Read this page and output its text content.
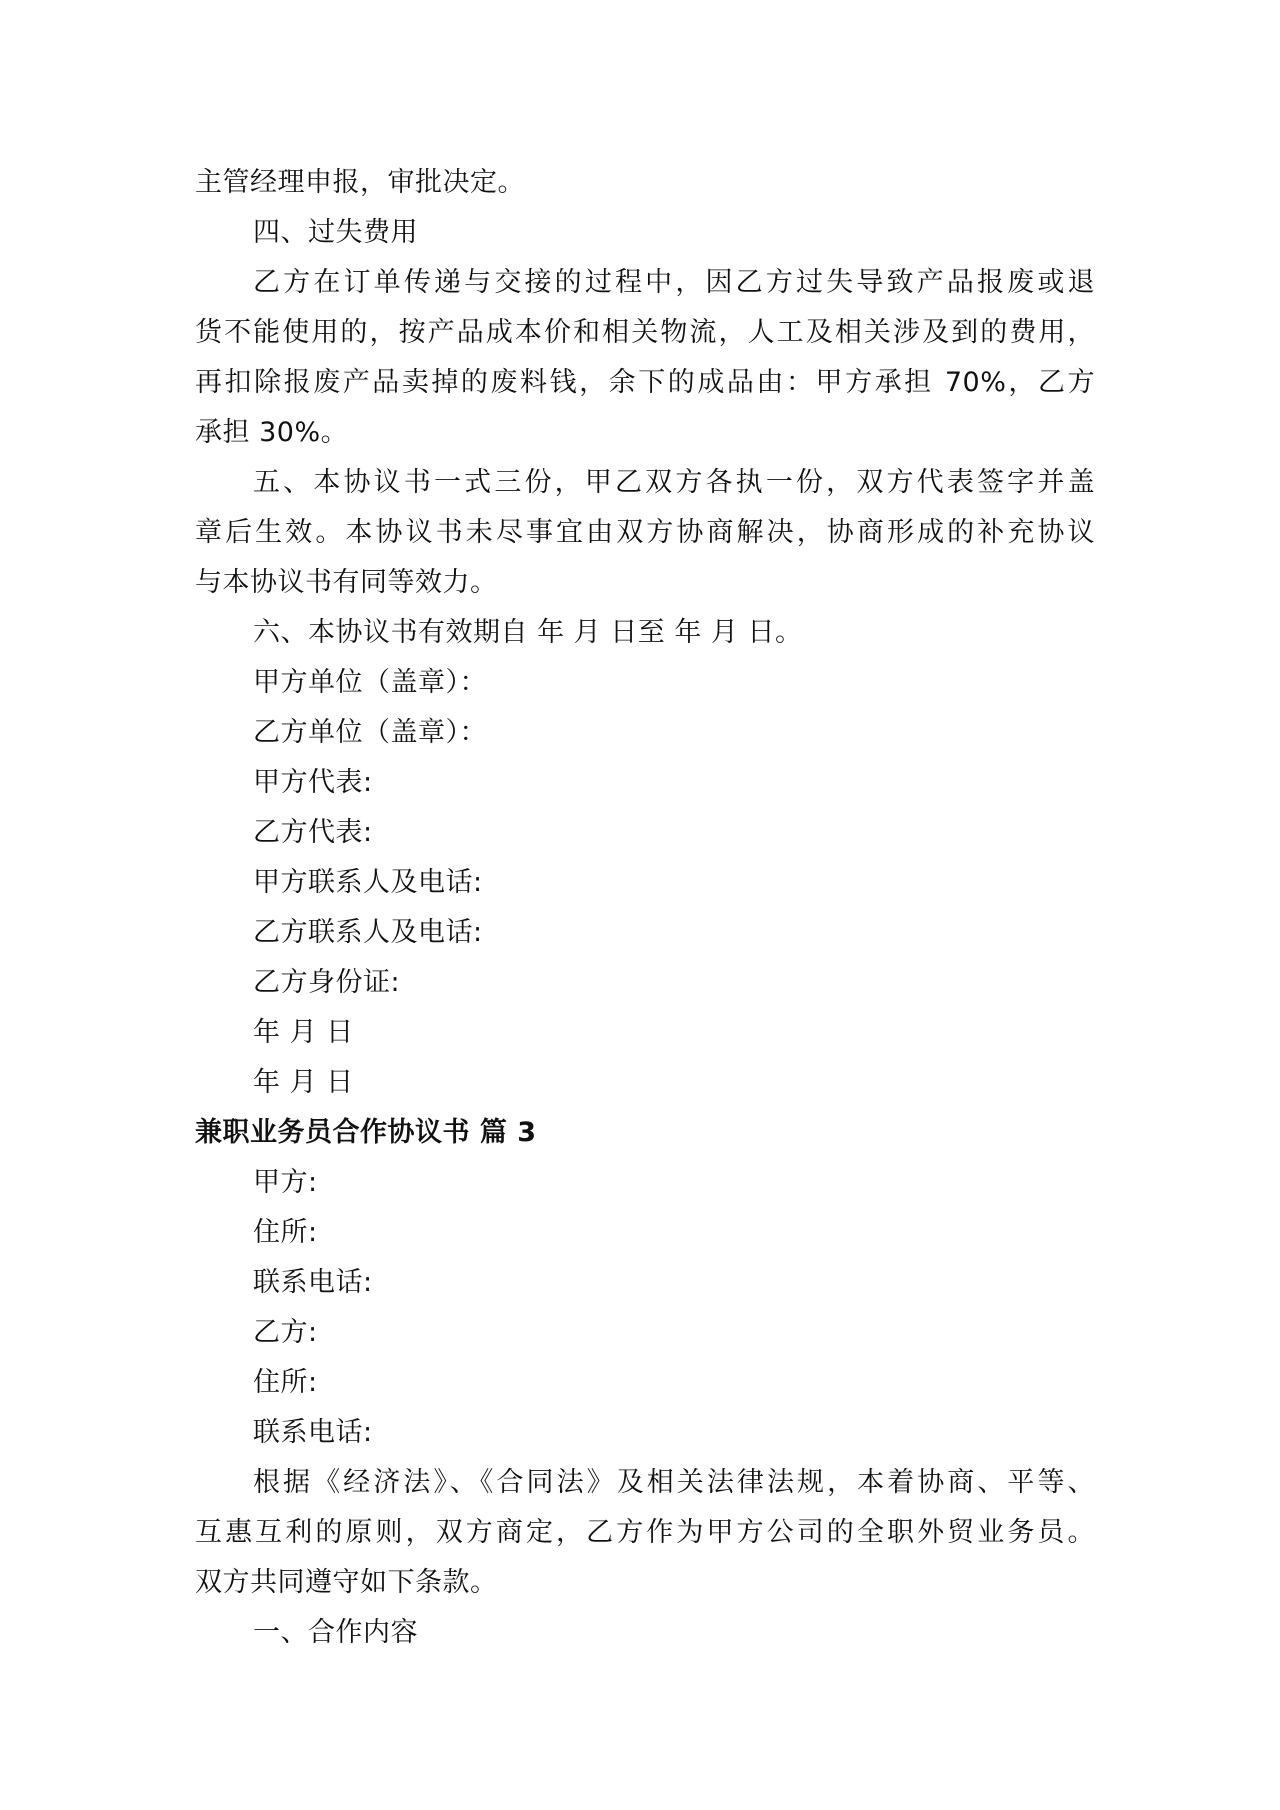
主管经理申报，审批决定。
四、过失费用
乙方在订单传递与交接的过程中，因乙方过失导致产品报废或退
货不能使用的，按产品成本价和相关物流，人工及相关涉及到的费用，
再扣除报废产品卖掉的废料钱，余下的成品由：甲方承担 70%，乙方
承担 30%。
五、本协议书一式三份，甲乙双方各执一份，双方代表签字并盖
章后生效。本协议书未尽事宜由双方协商解决，协商形成的补充协议
与本协议书有同等效力。
六、本协议书有效期自 年 月 日至 年 月 日。
甲方单位（盖章）：
乙方单位（盖章）：
甲方代表:
乙方代表:
甲方联系人及电话:
乙方联系人及电话:
乙方身份证:
年 月 日
年 月 日
兼职业务员合作协议书 篇 3
甲方:
住所:
联系电话:
乙方:
住所:
联系电话:
根据《经济法》、《合同法》及相关法律法规，本着协商、平等、
互惠互利的原则，双方商定，乙方作为甲方公司的全职外贸业务员。
双方共同遵守如下条款。
一、合作内容
